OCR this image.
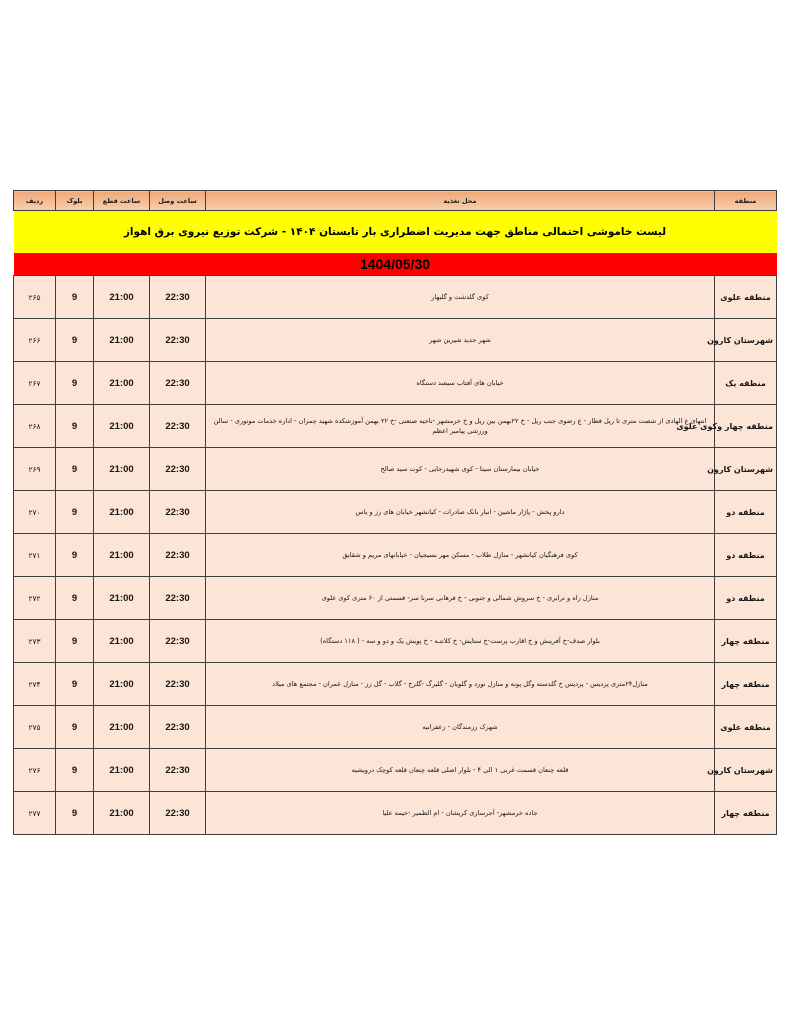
لیست خاموشی احتمالی مناطق جهت مدیریت اضطراری بار تابستان ۱۴۰۴ - شرکت توزیع نیروی برق اهواز					
1404/05/30					
منطقه	محل تغذیه	ساعت وصل	ساعت قطع	بلوک	ردیف
منطقه علوی	کوی گلدشت و گلبهار	22:30	21:00	9	۲۶۵
شهرستان کارون	شهر جدید شیرین شهر	22:30	21:00	9	۲۶۶
منطقه یک	خیابان های آفتاب سیصد دستگاه	22:30	21:00	9	۲۶۷
منطقه چهار وکوی علوی	انتهای ع الهادی از شصت متری تا ریل قطار - ع رضوی جنب ریل - خ ۲۲بهمن بین ریل و خ خرمشهر -ناحیه صنعتی -خ ۲۲ بهمن آموزشکده شهید چمران - اداره خدمات موتوری - سالن ورزشی پیامبر اعظم	22:30	21:00	9	۲۶۸
شهرستان کارون	خیابان بیمارستان سینا - کوی شهیدرجایی - کوت سید صالح	22:30	21:00	9	۲۶۹
منطقه دو	دارو پخش - پاژار ماشین - انبار بانک صادرات - کیانشهر خیابان های رز و یاس	22:30	21:00	9	۲۷۰
منطقه دو	کوی فرهنگیان کیانشهر - منازل طلاب - مسکن مهر بسیجیان - خیابانهای مریم و شقایق	22:30	21:00	9	۲۷۱
منطقه دو	منازل راه و ترابری - خ سروش شمالی و جنوبی - خ فرهانی سرنا سر- قسمتی از ۶۰ متری کوی علوی	22:30	21:00	9	۲۷۲
منطقه چهار	بلوار صدف-خ آفرینش و خ اقارب پرست-خ ستایش- خ کلانتـه - خ پویش یک و دو و سه - ( ۱۱۸ دستگاه)	22:30	21:00	9	۲۷۳
منطقه چهار	منازل۲۴متری پردیس - پردیس خ گلدسته وگل پونه و منازل نورد و گلویان - گلبرگ -گلرخ - گلاب - گل رز - منازل عمران - مجتمع های میلاد	22:30	21:00	9	۲۷۴
منطقه علوی	شهرک رزمندگان - زعفرانیه	22:30	21:00	9	۲۷۵
شهرستان کارون	قلعه چنعان قسمت غربی ۱ الی ۴ - بلوار اصلی قلعه چنعان قلعه کوچک درویشیه	22:30	21:00	9	۲۷۶
منطقه چهار	جاده خرمشهر- آجرسازی کریشان - ام الطمیر -خیمه علیا	22:30	21:00	9	۲۷۷
